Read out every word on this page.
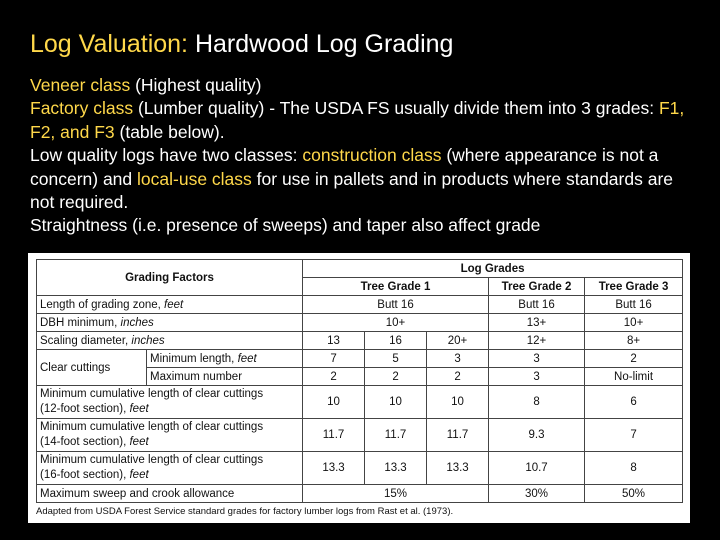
Log Valuation: Hardwood Log Grading

Veneer class (Highest quality)

Factory class (Lumber quality) - The USDA FS usually divide them into 3 grades: F1, F2, and F3 (table below).

Low quality logs have two classes: construction class (where appearance is not a concern) and local-use class for use in pallets and in products where standards are not required.

Straightness (i.e. presence of sweeps) and taper also affect grade

Grading Factors		Log Grades				
		Tree Grade 1			Tree Grade 2	Tree Grade 3
Length of grading zone, feet		Butt 16			Butt 16	Butt 16
DBH minimum, inches		10+			13+	10+
Scaling diameter, inches		13	16	20+	12+	8+
Clear cuttings	Minimum length, feet	7	5	3	3	2
	Maximum number	2	2	2	3	No-limit
Minimum cumulative length of clear cuttings
(12-foot section), feet		10	10	10	8	6
Minimum cumulative length of clear cuttings
(14-foot section), feet		11.7	11.7	11.7	9.3	7
Minimum cumulative length of clear cuttings
(16-foot section), feet		13.3	13.3	13.3	10.7	8
Maximum sweep and crook allowance		15%			30%	50%
Adapted from USDA Forest Service standard grades for factory lumber logs from Rast et al. (1973).
